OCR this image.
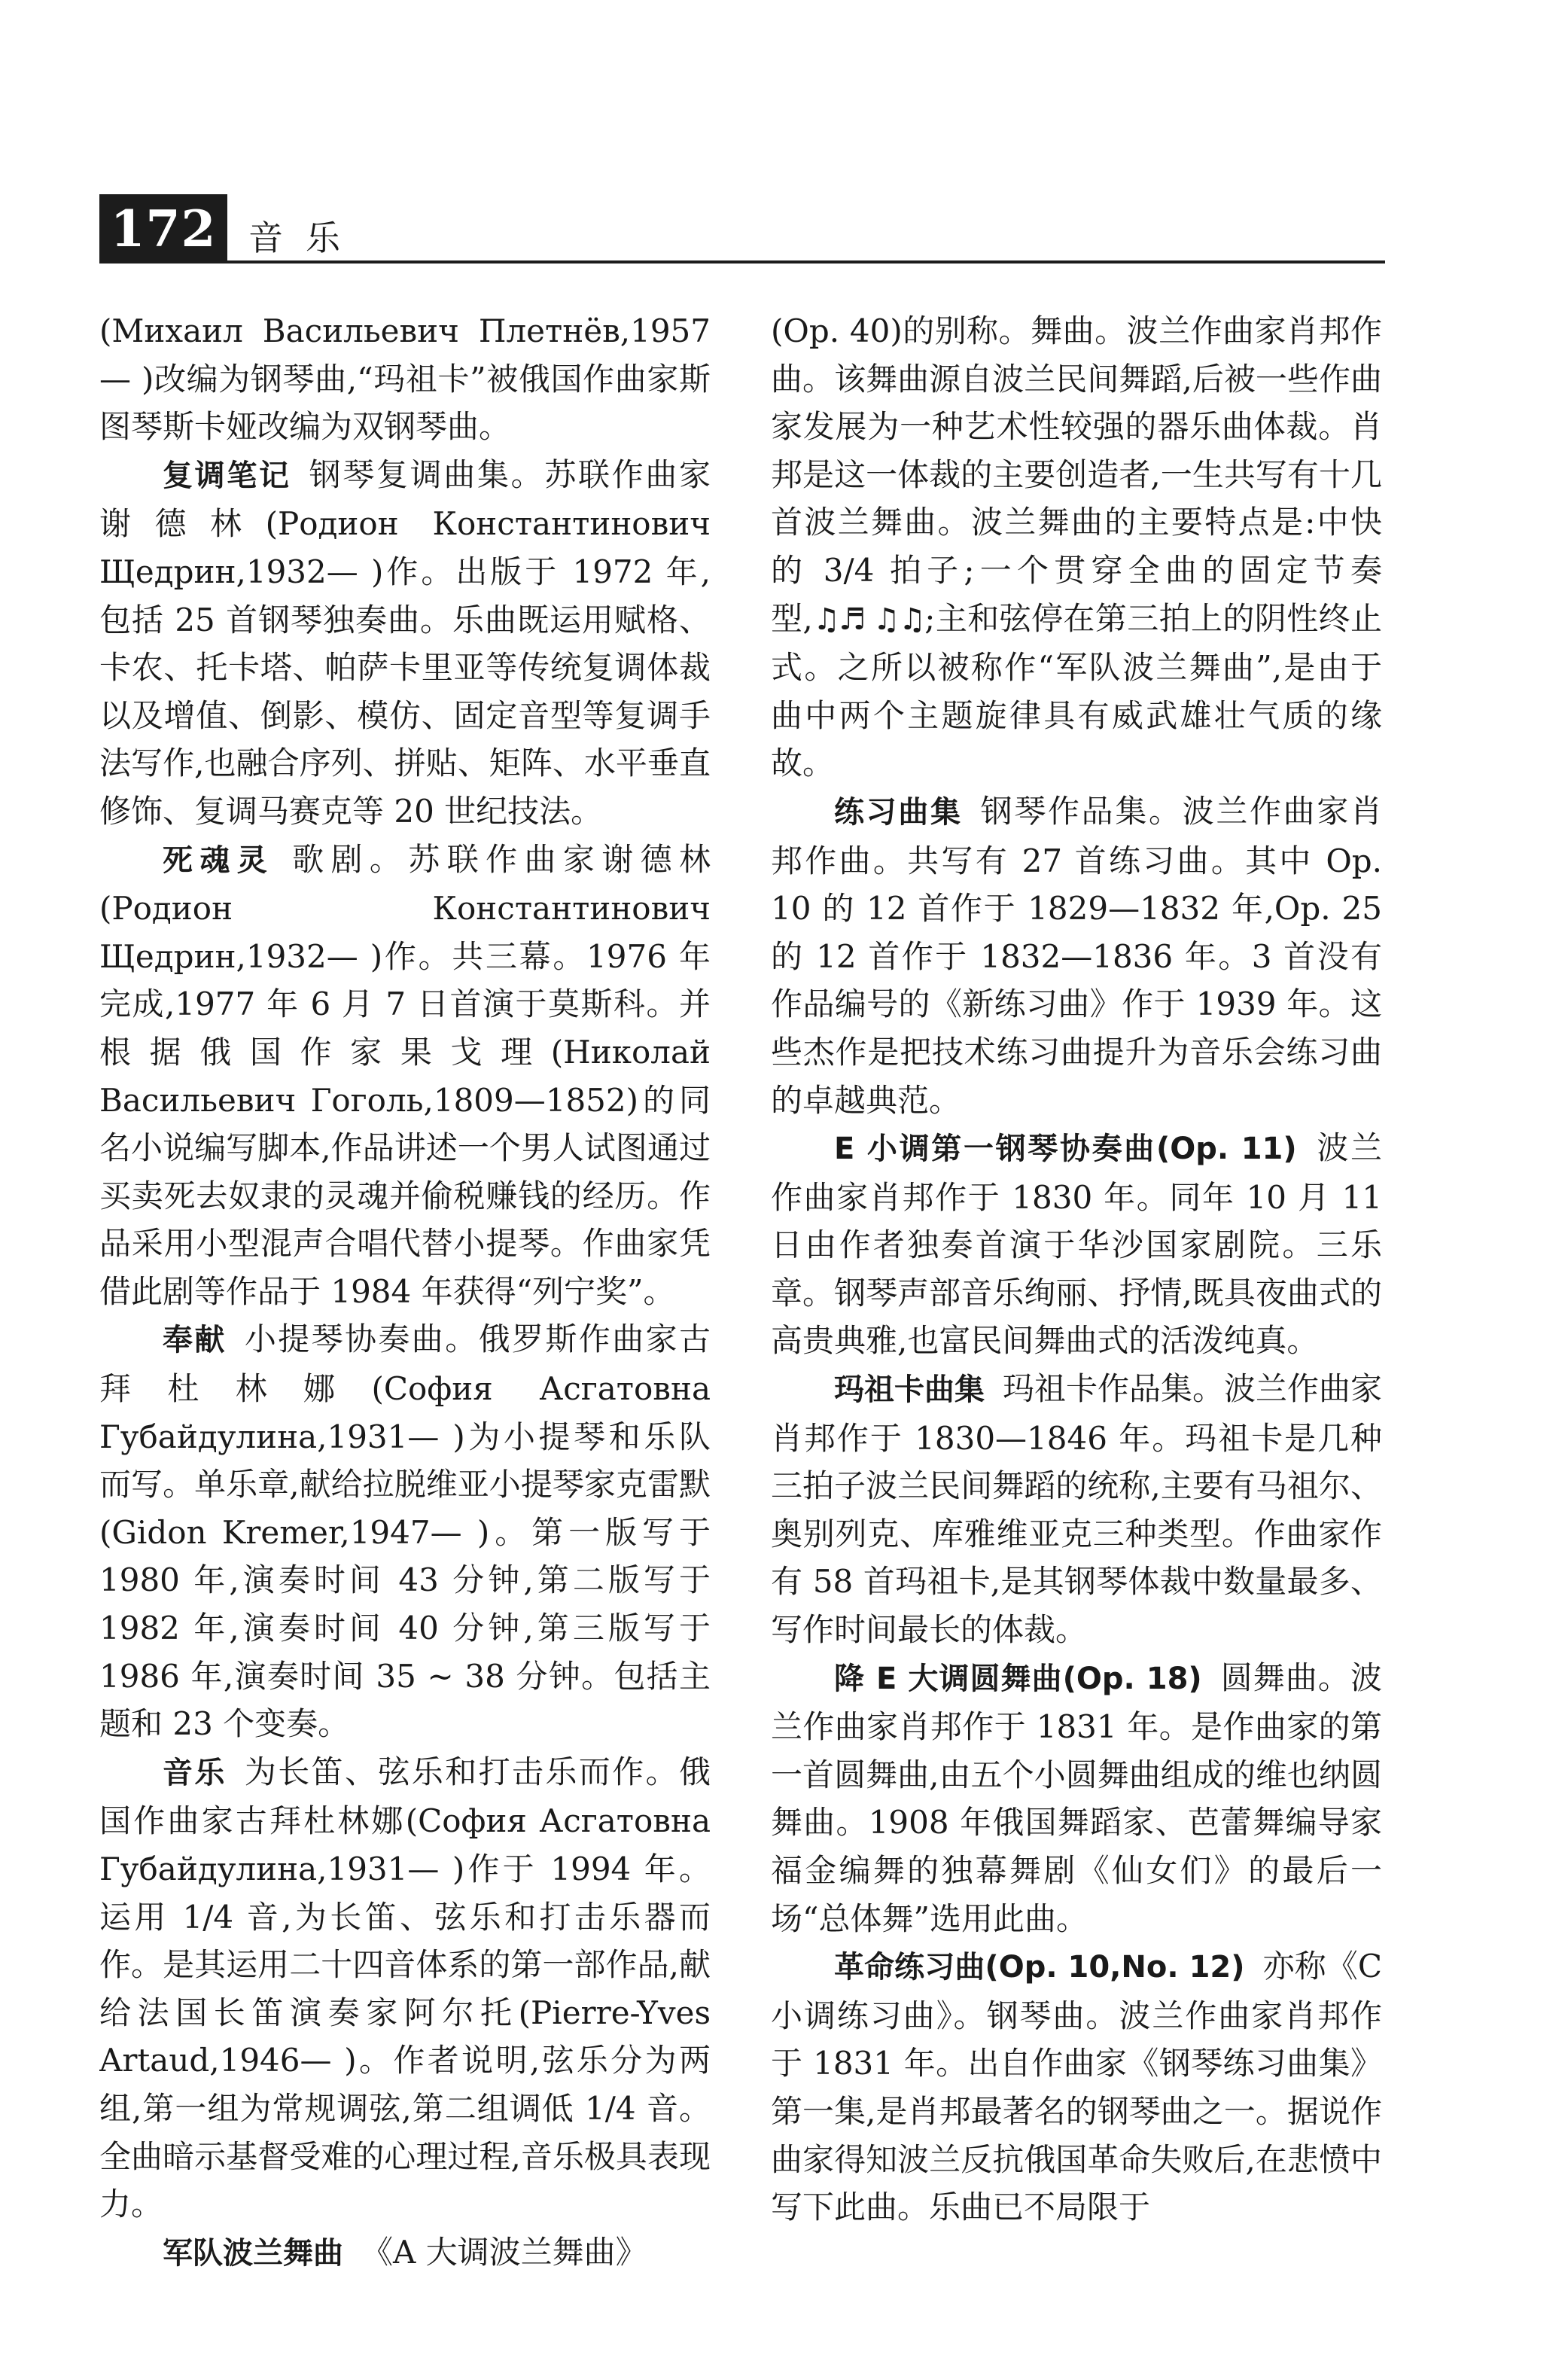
172 音乐

(Михаил Васильевич Плетнёв,1957— )改编为钢琴曲,“玛祖卡”被俄国作曲家斯图琴斯卡娅改编为双钢琴曲。

复调笔记 钢琴复调曲集。苏联作曲家谢德林(Родион Константинович Щедрин,1932— )作。出版于 1972 年,包括 25 首钢琴独奏曲。乐曲既运用赋格、卡农、托卡塔、帕萨卡里亚等传统复调体裁以及增值、倒影、模仿、固定音型等复调手法写作,也融合序列、拼贴、矩阵、水平垂直修饰、复调马赛克等 20 世纪技法。

死魂灵 歌剧。苏联作曲家谢德林(Родион Константинович Щедрин,1932— )作。共三幕。1976 年完成,1977 年 6 月 7 日首演于莫斯科。并根据俄国作家果戈理(Николай Васильевич Гоголь,1809—1852)的同名小说编写脚本,作品讲述一个男人试图通过买卖死去奴隶的灵魂并偷税赚钱的经历。作品采用小型混声合唱代替小提琴。作曲家凭借此剧等作品于 1984 年获得“列宁奖”。

奉献 小提琴协奏曲。俄罗斯作曲家古拜杜林娜(София Асгатовна Губайдулина,1931— )为小提琴和乐队而写。单乐章,献给拉脱维亚小提琴家克雷默(Gidon Kremer,1947— )。第一版写于 1980 年,演奏时间 43 分钟,第二版写于 1982 年,演奏时间 40 分钟,第三版写于 1986 年,演奏时间 35 ~ 38 分钟。包括主题和 23 个变奏。

音乐 为长笛、弦乐和打击乐而作。俄国作曲家古拜杜林娜(София Асгатовна Губайдулина,1931— )作于 1994 年。运用 1/4 音,为长笛、弦乐和打击乐器而作。是其运用二十四音体系的第一部作品,献给法国长笛演奏家阿尔托(Pierre-Yves Artaud,1946— )。作者说明,弦乐分为两组,第一组为常规调弦,第二组调低 1/4 音。全曲暗示基督受难的心理过程,音乐极具表现力。

军队波兰舞曲 《A 大调波兰舞曲》

(Op. 40)的别称。舞曲。波兰作曲家肖邦作曲。该舞曲源自波兰民间舞蹈,后被一些作曲家发展为一种艺术性较强的器乐曲体裁。肖邦是这一体裁的主要创造者,一生共写有十几首波兰舞曲。波兰舞曲的主要特点是:中快的 3/4 拍子;一个贯穿全曲的固定节奏型,♫♬ ♫♫;主和弦停在第三拍上的阴性终止式。之所以被称作“军队波兰舞曲”,是由于曲中两个主题旋律具有威武雄壮气质的缘故。

练习曲集 钢琴作品集。波兰作曲家肖邦作曲。共写有 27 首练习曲。其中 Op. 10 的 12 首作于 1829—1832 年,Op. 25 的 12 首作于 1832—1836 年。3 首没有作品编号的《新练习曲》作于 1939 年。这些杰作是把技术练习曲提升为音乐会练习曲的卓越典范。

E 小调第一钢琴协奏曲(Op. 11) 波兰作曲家肖邦作于 1830 年。同年 10 月 11 日由作者独奏首演于华沙国家剧院。三乐章。钢琴声部音乐绚丽、抒情,既具夜曲式的高贵典雅,也富民间舞曲式的活泼纯真。

玛祖卡曲集 玛祖卡作品集。波兰作曲家肖邦作于 1830—1846 年。玛祖卡是几种三拍子波兰民间舞蹈的统称,主要有马祖尔、奥别列克、库雅维亚克三种类型。作曲家作有 58 首玛祖卡,是其钢琴体裁中数量最多、写作时间最长的体裁。

降 E 大调圆舞曲(Op. 18) 圆舞曲。波兰作曲家肖邦作于 1831 年。是作曲家的第一首圆舞曲,由五个小圆舞曲组成的维也纳圆舞曲。1908 年俄国舞蹈家、芭蕾舞编导家福金编舞的独幕舞剧《仙女们》的最后一场“总体舞”选用此曲。

革命练习曲(Op. 10,No. 12) 亦称《C 小调练习曲》。钢琴曲。波兰作曲家肖邦作于 1831 年。出自作曲家《钢琴练习曲集》第一集,是肖邦最著名的钢琴曲之一。据说作曲家得知波兰反抗俄国革命失败后,在悲愤中写下此曲。乐曲已不局限于
